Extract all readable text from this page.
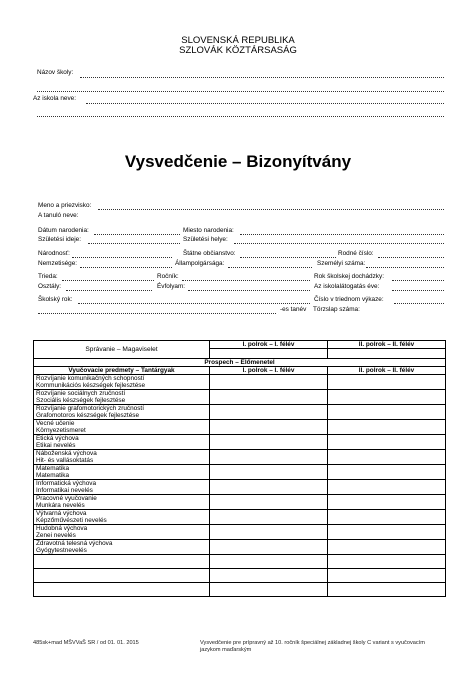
SLOVENSKÁ REPUBLIKA
SZLOVÁK KÖZTÁRSASÁG
Názov školy:
Az iskola neve:
Vysvedčenie – Bizonyítvány
Meno a priezvisko:
A tanuló neve:
Dátum narodenia:	Miesto narodenia:
Születési ideje:	Születési helye:
Národnosť:	Štátne občianstvo:	Rodné číslo:
Nemzetisége:	Állampolgársága:	Személyi száma:
Trieda:	Ročník:	Rok školskej dochádzky:
Osztály:	Évfolyam:	Az iskolalátogatás éve:
Školský rok:	Číslo v triednom výkaze:
-es tanév Törzslap száma:
Správanie – Magaviselet	I. polrok – I. félév	II. polrok – II. félév

Prospech – Előmenetel		
Vyučovacie predmety – Tantárgyak	I. polrok – I. félév	II. polrok – II. félév

Rozvíjanie komunikačných schopností
Kommunikációs készségek fejlesztése		

Rozvíjanie sociálnych zručností
Szociális készségek fejlesztése		

Rozvíjanie grafomotorických zručností
Grafomotoros készségek fejlesztése		

Vecné učenie
Környezetismeret		

Etická výchova
Etikai nevelés		

Náboženská výchova
Hit- és vallásoktatás		

Matematika
Matematika		

Informatická výchova
Informatikai nevelés		

Pracovné vyučovanie
Munkára nevelés		

Výtvarná výchova
Képzőművészeti nevelés		

Hudobná výchova
Zenei nevelés		

Zdravotná telesná výchova
Gyógytestnevelés		

485sk+mad MŠVVaŠ SR / od 01. 01. 2015	Vysvedčenie pre prípravný až 10. ročník špeciálnej základnej školy C variant s vyučovacím
jazykom maďarským
